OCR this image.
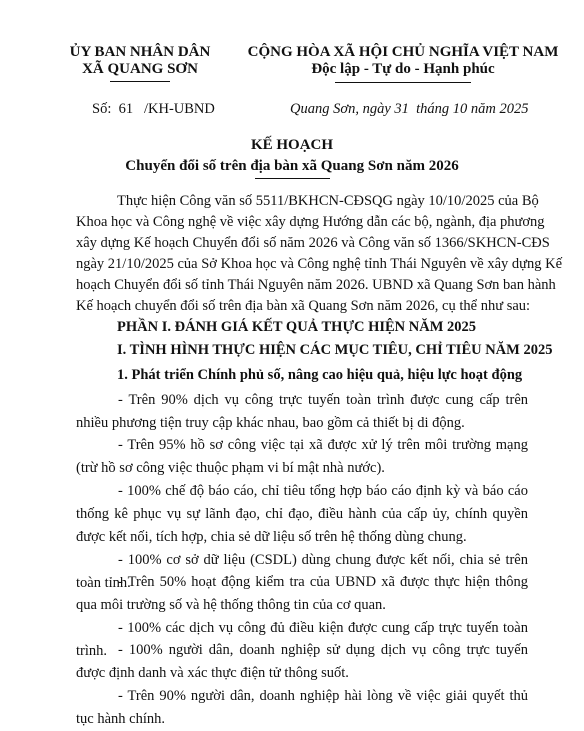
ỦY BAN NHÂN DÂN
XÃ QUANG SƠN
CỘNG HÒA XÃ HỘI CHỦ NGHĨA VIỆT NAM
Độc lập - Tự do - Hạnh phúc
Số:  61   /KH-UBND	Quang Sơn, ngày 31  tháng 10 năm 2025
KẾ HOẠCH
Chuyển đổi số trên địa bàn xã Quang Sơn năm 2026
Thực hiện Công văn số 5511/BKHCN-CĐSQG ngày 10/10/2025 của Bộ
Khoa học và Công nghệ về việc xây dựng Hướng dẫn các bộ, ngành, địa phương
xây dựng Kế hoạch Chuyển đổi số năm 2026 và Công văn số 1366/SKHCN-CĐS
ngày 21/10/2025 của Sở Khoa học và Công nghệ tỉnh Thái Nguyên về xây dựng Kế
hoạch Chuyển đổi số tỉnh Thái Nguyên năm 2026. UBND xã Quang Sơn ban hành
Kế hoạch chuyển đổi số trên địa bàn xã Quang Sơn năm 2026, cụ thể như sau:
PHẦN I. ĐÁNH GIÁ KẾT QUẢ THỰC HIỆN NĂM 2025
I. TÌNH HÌNH THỰC HIỆN CÁC MỤC TIÊU, CHỈ TIÊU NĂM 2025
1. Phát triển Chính phủ số, nâng cao hiệu quả, hiệu lực hoạt động
- Trên 90% dịch vụ công trực tuyến toàn trình được cung cấp trên nhiều phương tiện truy cập khác nhau, bao gồm cả thiết bị di động.
- Trên 95% hồ sơ công việc tại xã được xử lý trên môi trường mạng (trừ hồ sơ công việc thuộc phạm vi bí mật nhà nước).
- 100% chế độ báo cáo, chỉ tiêu tổng hợp báo cáo định kỳ và báo cáo thống kê phục vụ sự lãnh đạo, chỉ đạo, điều hành của cấp ủy, chính quyền được kết nối, tích hợp, chia sẻ dữ liệu số trên hệ thống dùng chung.
- 100% cơ sở dữ liệu (CSDL) dùng chung được kết nối, chia sẻ trên toàn tỉnh.
- Trên 50% hoạt động kiểm tra của UBND xã được thực hiện thông qua môi trường số và hệ thống thông tin của cơ quan.
- 100% các dịch vụ công đủ điều kiện được cung cấp trực tuyến toàn trình. - 100% người dân, doanh nghiệp sử dụng dịch vụ công trực tuyến được định danh và xác thực điện tử thông suốt.
- Trên 90% người dân, doanh nghiệp hài lòng về việc giải quyết thủ tục hành chính.
